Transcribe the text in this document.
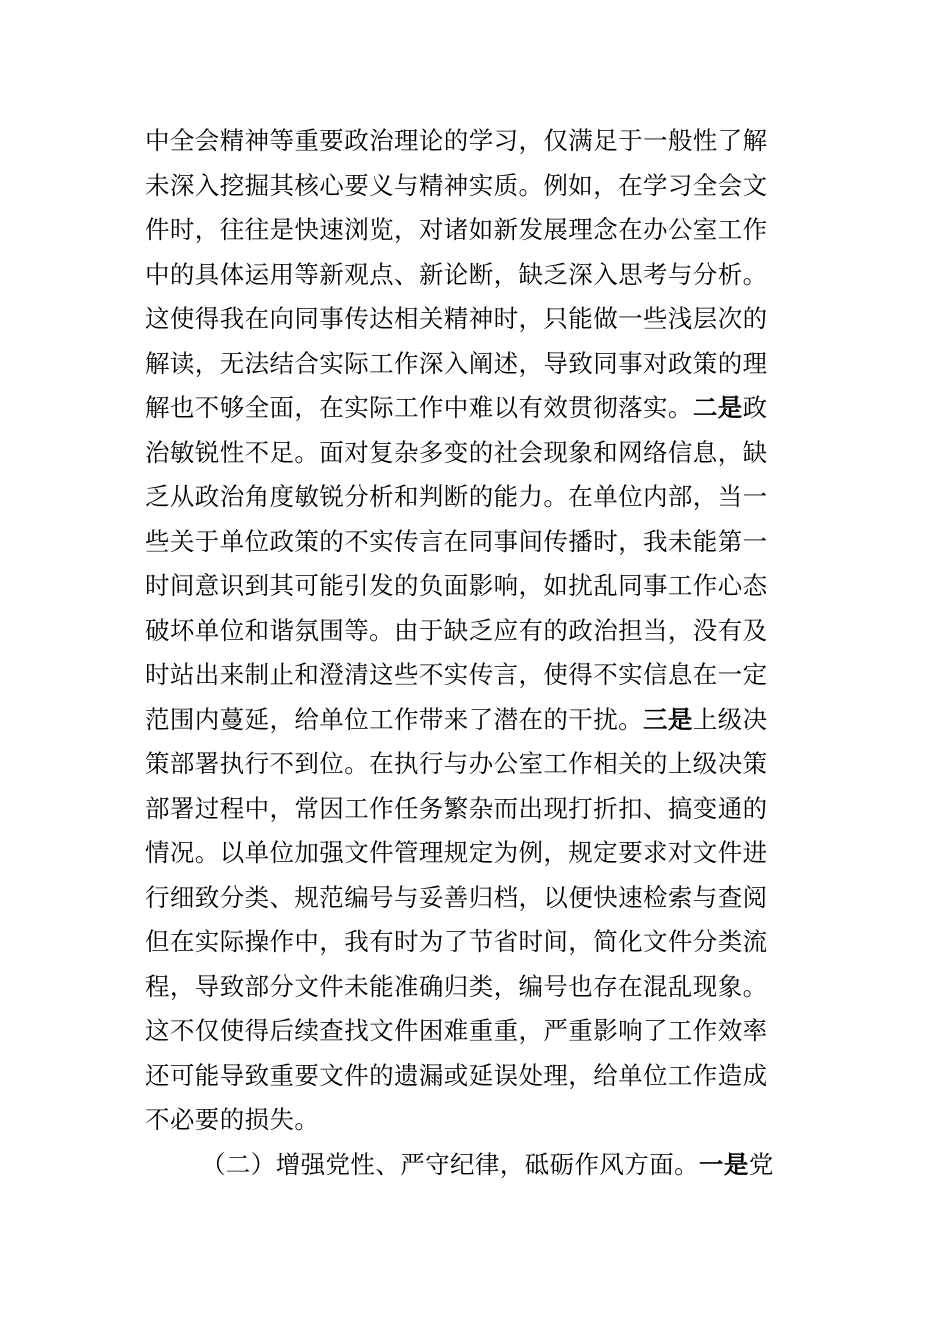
中全会精神等重要政治理论的学习，仅满足于一般性了解
未深入挖掘其核心要义与精神实质。例如，在学习全会文
件时，往往是快速浏览，对诸如新发展理念在办公室工作
中的具体运用等新观点、新论断，缺乏深入思考与分析。
这使得我在向同事传达相关精神时，只能做一些浅层次的
解读，无法结合实际工作深入阐述，导致同事对政策的理
解也不够全面，在实际工作中难以有效贯彻落实。二是政
治敏锐性不足。面对复杂多变的社会现象和网络信息，缺
乏从政治角度敏锐分析和判断的能力。在单位内部，当一
些关于单位政策的不实传言在同事间传播时，我未能第一
时间意识到其可能引发的负面影响，如扰乱同事工作心态
破坏单位和谐氛围等。由于缺乏应有的政治担当，没有及
时站出来制止和澄清这些不实传言，使得不实信息在一定
范围内蔓延，给单位工作带来了潜在的干扰。三是上级决
策部署执行不到位。在执行与办公室工作相关的上级决策
部署过程中，常因工作任务繁杂而出现打折扣、搞变通的
情况。以单位加强文件管理规定为例，规定要求对文件进
行细致分类、规范编号与妥善归档，以便快速检索与查阅
但在实际操作中，我有时为了节省时间，简化文件分类流
程，导致部分文件未能准确归类，编号也存在混乱现象。
这不仅使得后续查找文件困难重重，严重影响了工作效率
还可能导致重要文件的遗漏或延误处理，给单位工作造成
不必要的损失。
（二）增强党性、严守纪律，砥砺作风方面。一是党
